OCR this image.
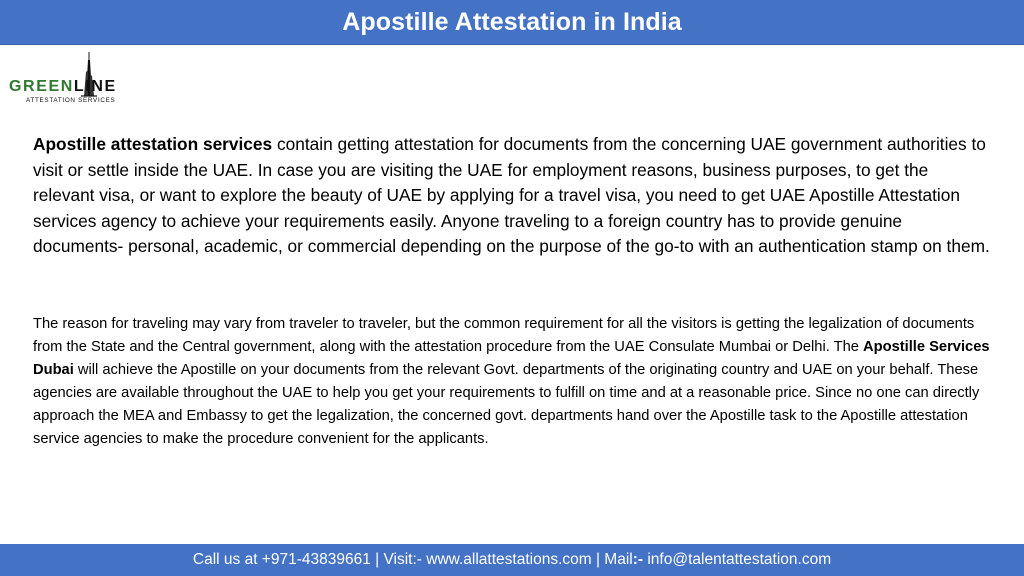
Apostille Attestation in India
GREENLINE
ATTESTATION SERVICES

Apostille attestation services contain getting attestation for documents from the concerning UAE government authorities to visit or settle inside the UAE. In case you are visiting the UAE for employment reasons, business purposes, to get the relevant visa, or want to explore the beauty of UAE by applying for a travel visa, you need to get UAE Apostille Attestation services agency to achieve your requirements easily. Anyone traveling to a foreign country has to provide genuine documents- personal, academic, or commercial depending on the purpose of the go-to with an authentication stamp on them.

The reason for traveling may vary from traveler to traveler, but the common requirement for all the visitors is getting the legalization of documents from the State and the Central government, along with the attestation procedure from the UAE Consulate Mumbai or Delhi. The Apostille Services Dubai will achieve the Apostille on your documents from the relevant Govt. departments of the originating country and UAE on your behalf. These agencies are available throughout the UAE to help you get your requirements to fulfill on time and at a reasonable price. Since no one can directly approach the MEA and Embassy to get the legalization, the concerned govt. departments hand over the Apostille task to the Apostille attestation service agencies to make the procedure convenient for the applicants.

Call us at +971-43839661 | Visit:- www.allattestations.com | Mail :- info@talentattestation.com
